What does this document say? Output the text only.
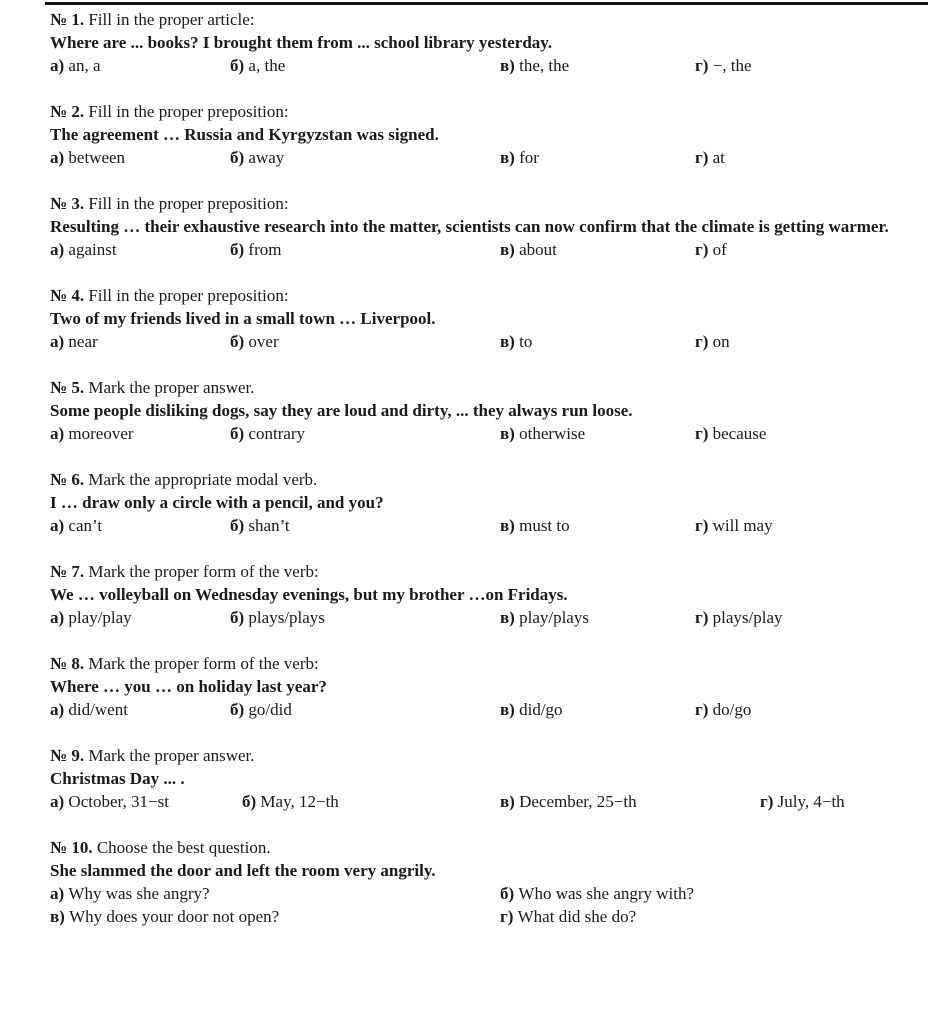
№ 1. Fill in the proper article:
Where are ... books? I brought them from ... school library yesterday.
а) an, a	б) a, the	в) the, the	г) −, the
№ 2. Fill in the proper preposition:
The agreement … Russia and Kyrgyzstan was signed.
а) between	б) away	в) for	г) at
№ 3. Fill in the proper preposition:
Resulting … their exhaustive research into the matter, scientists can now confirm that the climate is getting warmer.
а) against	б) from	в) about	г) of
№ 4. Fill in the proper preposition:
Two of my friends lived in a small town … Liverpool.
а) near	б) over	в) to	г) on
№ 5. Mark the proper answer.
Some people disliking dogs, say they are loud and dirty, ... they always run loose.
а) moreover	б) contrary	в) otherwise	г) because
№ 6. Mark the appropriate modal verb.
I … draw only a circle with a pencil, and you?
а) can’t	б) shan’t	в) must to	г) will may
№ 7. Mark the proper form of the verb:
We … volleyball on Wednesday evenings, but my brother …on Fridays.
а) play/play	б) plays/plays	в) play/plays	г) plays/play
№ 8. Mark the proper form of the verb:
Where … you … on holiday last year?
а) did/went	б) go/did	в) did/go	г) do/go
№ 9. Mark the proper answer.
Christmas Day ... .
а) October, 31−st	б) May, 12−th	в) December, 25−th	г) July, 4−th
№ 10. Choose the best question.
She slammed the door and left the room very angrily.
а) Why was she angry?	б) Who was she angry with?
в) Why does your door not open?	г) What did she do?
